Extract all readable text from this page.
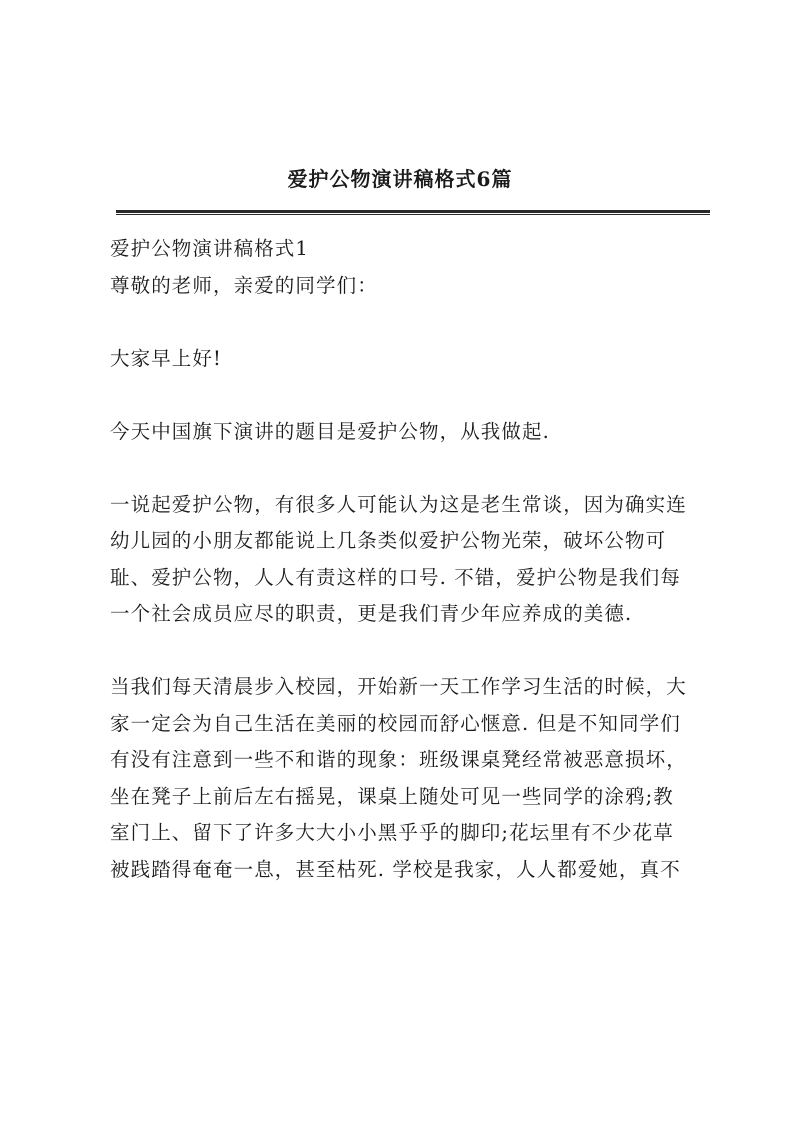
爱护公物演讲稿格式6篇
爱护公物演讲稿格式1
尊敬的老师，亲爱的同学们：
大家早上好!
今天中国旗下演讲的题目是爱护公物，从我做起.
一说起爱护公物，有很多人可能认为这是老生常谈，因为确实连
幼儿园的小朋友都能说上几条类似爱护公物光荣，破坏公物可
耻、爱护公物，人人有责这样的口号. 不错，爱护公物是我们每
一个社会成员应尽的职责，更是我们青少年应养成的美德.
当我们每天清晨步入校园，开始新一天工作学习生活的时候，大
家一定会为自己生活在美丽的校园而舒心惬意. 但是不知同学们
有没有注意到一些不和谐的现象：班级课桌凳经常被恶意损坏，
坐在凳子上前后左右摇晃，课桌上随处可见一些同学的涂鸦;教
室门上、留下了许多大大小小黑乎乎的脚印;花坛里有不少花草
被践踏得奄奄一息，甚至枯死. 学校是我家，人人都爱她，真不
